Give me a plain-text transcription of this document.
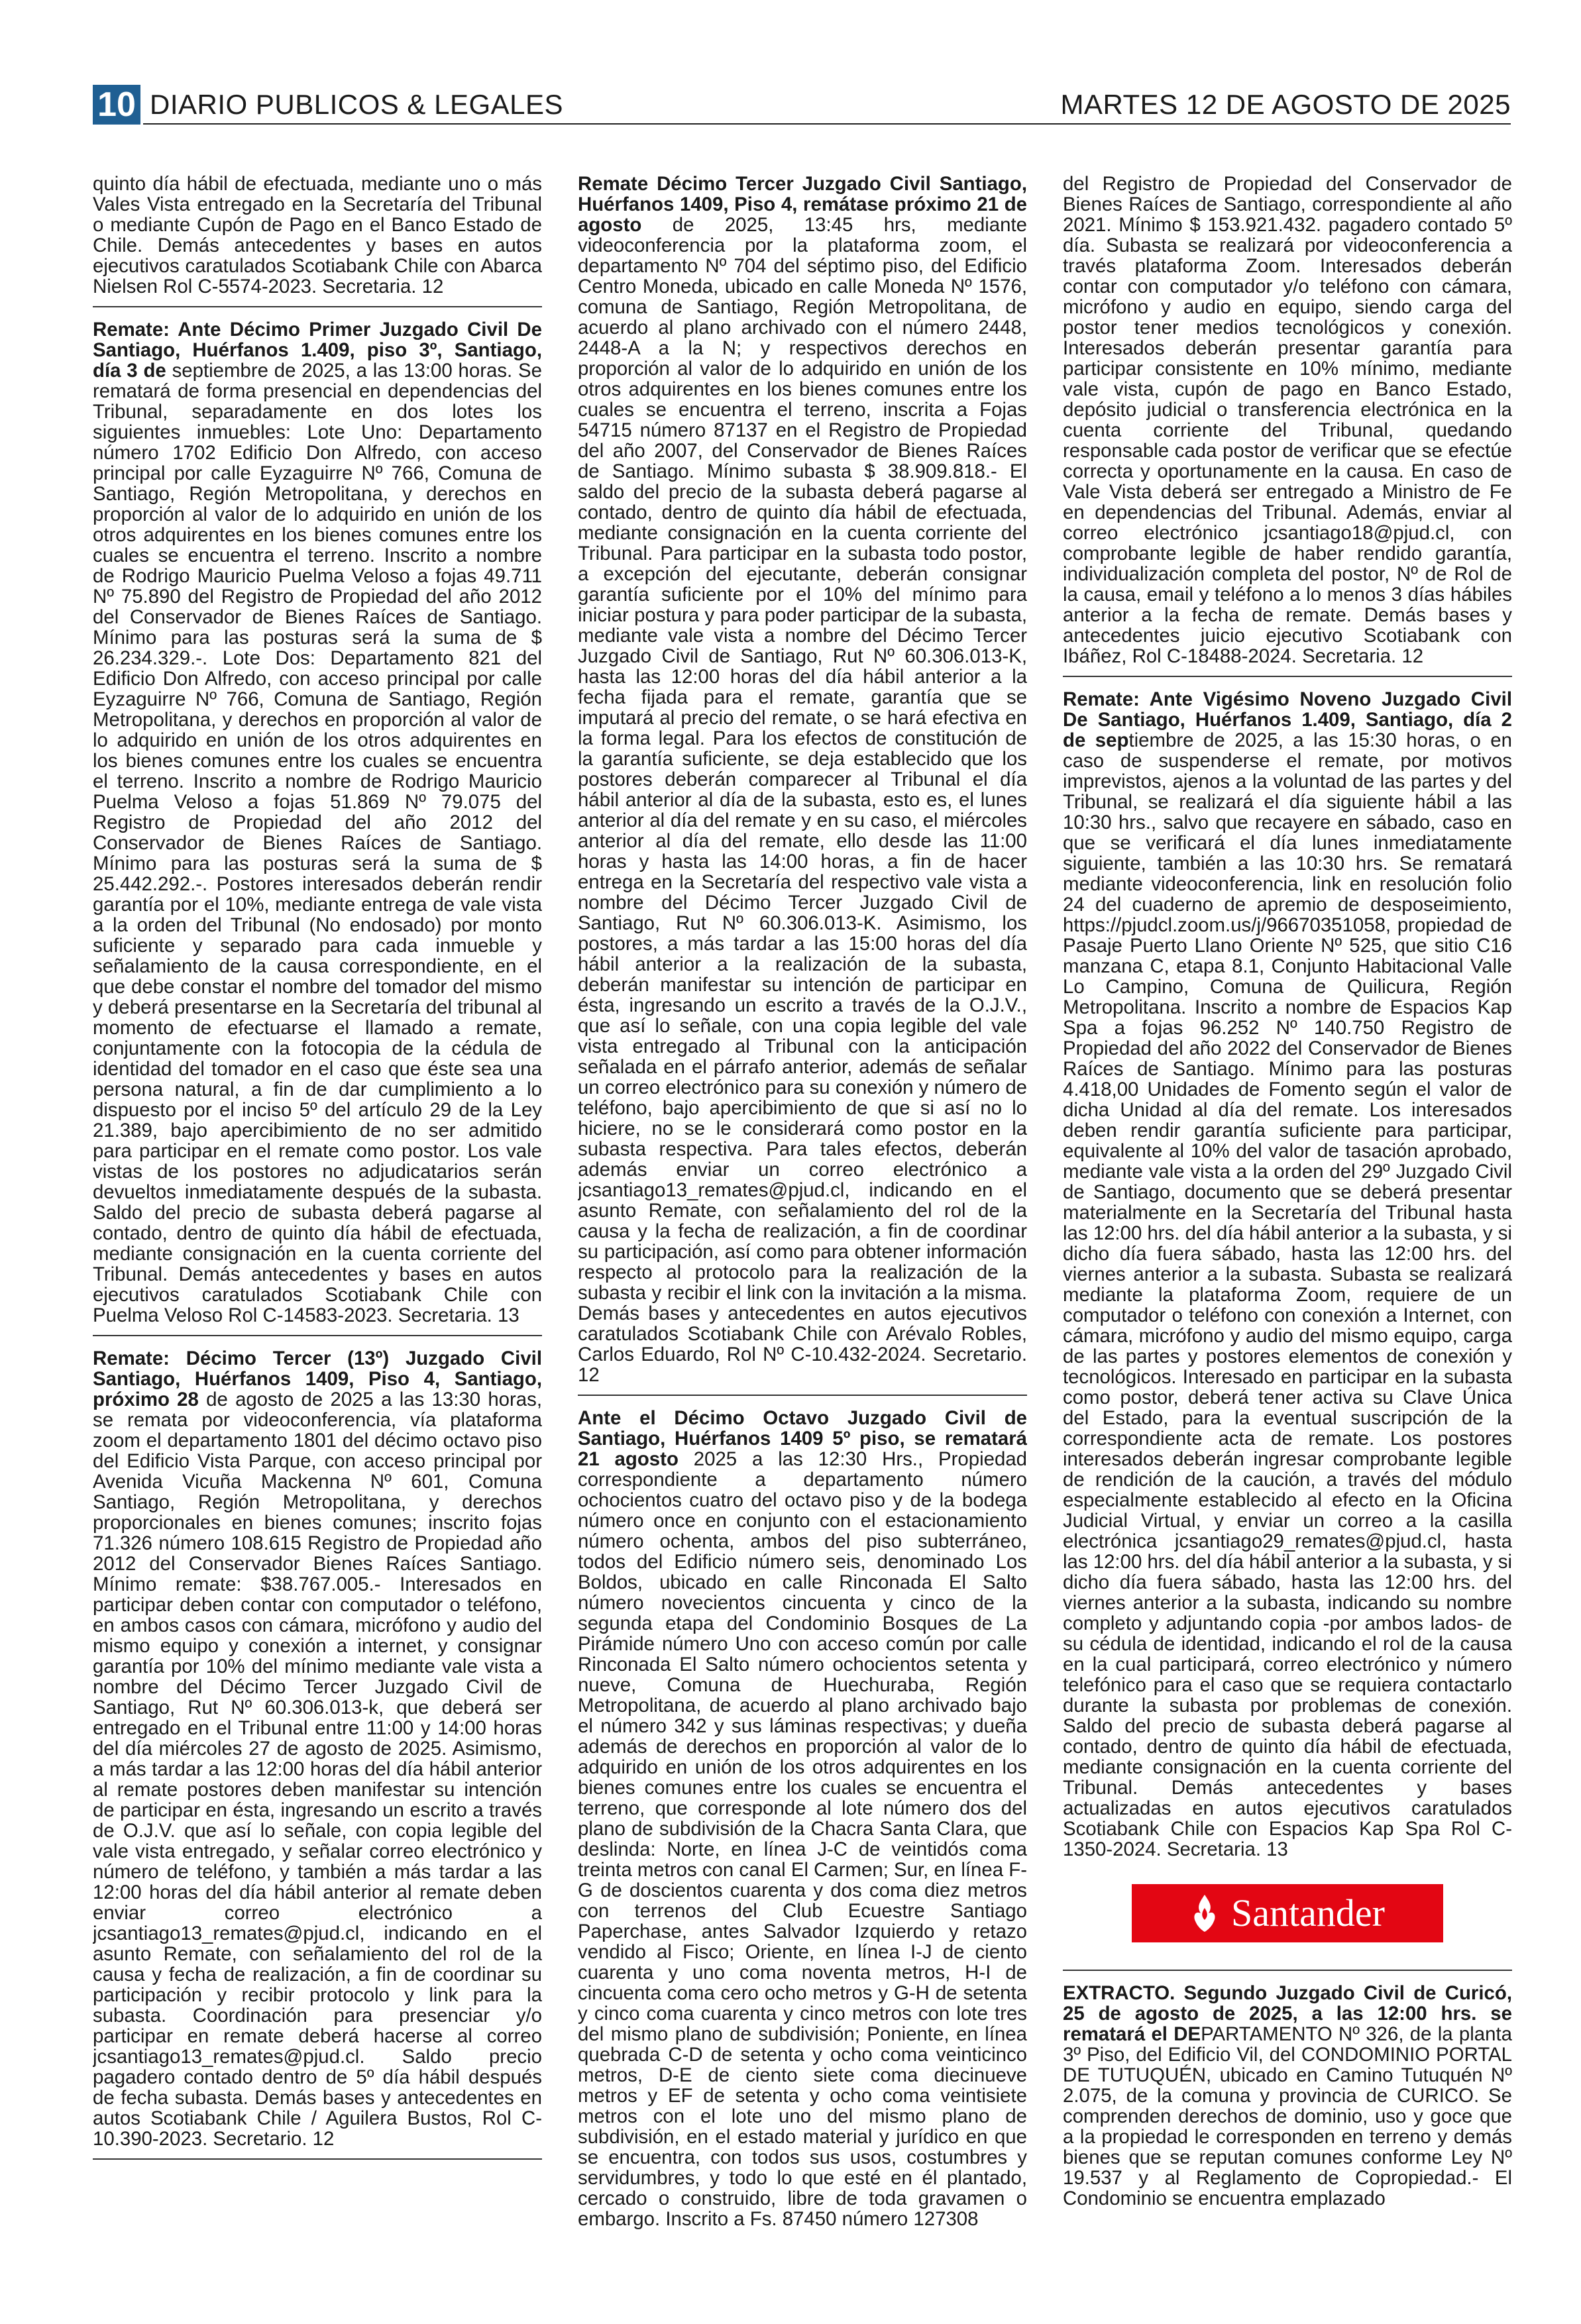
10 DIARIO PUBLICOS & LEGALES	MARTES 12 DE AGOSTO DE 2025

quinto día hábil de efectuada, mediante uno o más Vales Vista entregado en la Secretaría del Tribunal o mediante Cupón de Pago en el Banco Estado de Chile. Demás antecedentes y bases en autos ejecutivos caratulados Scotiabank Chile con Abarca Nielsen Rol C-5574-2023. Secretaria. 12

Remate: Ante Décimo Primer Juzgado Civil De Santiago, Huérfanos 1.409, piso 3º, Santiago, día 3 de septiembre de 2025, a las 13:00 horas. Se rematará de forma presencial en dependencias del Tribunal, separadamente en dos lotes los siguientes inmuebles: Lote Uno: Departamento número 1702 Edificio Don Alfredo, con acceso principal por calle Eyzaguirre Nº 766, Comuna de Santiago, Región Metropolitana, y derechos en proporción al valor de lo adquirido en unión de los otros adquirentes en los bienes comunes entre los cuales se encuentra el terreno. Inscrito a nombre de Rodrigo Mauricio Puelma Veloso a fojas 49.711 Nº 75.890 del Registro de Propiedad del año 2012 del Conservador de Bienes Raíces de Santiago. Mínimo para las posturas será la suma de $ 26.234.329.-. Lote Dos: Departamento 821 del Edificio Don Alfredo, con acceso principal por calle Eyzaguirre Nº 766, Comuna de Santiago, Región Metropolitana, y derechos en proporción al valor de lo adquirido en unión de los otros adquirentes en los bienes comunes entre los cuales se encuentra el terreno. Inscrito a nombre de Rodrigo Mauricio Puelma Veloso a fojas 51.869 Nº 79.075 del Registro de Propiedad del año 2012 del Conservador de Bienes Raíces de Santiago. Mínimo para las posturas será la suma de $ 25.442.292.-. Postores interesados deberán rendir garantía por el 10%, mediante entrega de vale vista a la orden del Tribunal (No endosado) por monto suficiente y separado para cada inmueble y señalamiento de la causa correspondiente, en el que debe constar el nombre del tomador del mismo y deberá presentarse en la Secretaría del tribunal al momento de efectuarse el llamado a remate, conjuntamente con la fotocopia de la cédula de identidad del tomador en el caso que éste sea una persona natural, a fin de dar cumplimiento a lo dispuesto por el inciso 5º del artículo 29 de la Ley 21.389, bajo apercibimiento de no ser admitido para participar en el remate como postor. Los vale vistas de los postores no adjudicatarios serán devueltos inmediatamente después de la subasta. Saldo del precio de subasta deberá pagarse al contado, dentro de quinto día hábil de efectuada, mediante consignación en la cuenta corriente del Tribunal. Demás antecedentes y bases en autos ejecutivos caratulados Scotiabank Chile con Puelma Veloso Rol C-14583-2023. Secretaria. 13

Remate: Décimo Tercer (13º) Juzgado Civil Santiago, Huérfanos 1409, Piso 4, Santiago, próximo 28 de agosto de 2025 a las 13:30 horas, se remata por videoconferencia, vía plataforma zoom el departamento 1801 del décimo octavo piso del Edificio Vista Parque, con acceso principal por Avenida Vicuña Mackenna Nº 601, Comuna Santiago, Región Metropolitana, y derechos proporcionales en bienes comunes; inscrito fojas 71.326 número 108.615 Registro de Propiedad año 2012 del Conservador Bienes Raíces Santiago. Mínimo remate: $38.767.005.- Interesados en participar deben contar con computador o teléfono, en ambos casos con cámara, micrófono y audio del mismo equipo y conexión a internet, y consignar garantía por 10% del mínimo mediante vale vista a nombre del Décimo Tercer Juzgado Civil de Santiago, Rut Nº 60.306.013-k, que deberá ser entregado en el Tribunal entre 11:00 y 14:00 horas del día miércoles 27 de agosto de 2025. Asimismo, a más tardar a las 12:00 horas del día hábil anterior al remate postores deben manifestar su intención de participar en ésta, ingresando un escrito a través de O.J.V. que así lo señale, con copia legible del vale vista entregado, y señalar correo electrónico y número de teléfono, y también a más tardar a las 12:00 horas del día hábil anterior al remate deben enviar correo electrónico a jcsantiago13_remates@pjud.cl, indicando en el asunto Remate, con señalamiento del rol de la causa y fecha de realización, a fin de coordinar su participación y recibir protocolo y link para la subasta. Coordinación para presenciar y/o participar en remate deberá hacerse al correo jcsantiago13_remates@pjud.cl. Saldo precio pagadero contado dentro de 5º día hábil después de fecha subasta. Demás bases y antecedentes en autos Scotiabank Chile / Aguilera Bustos, Rol C-10.390-2023. Secretario. 12

Remate Décimo Tercer Juzgado Civil Santiago, Huérfanos 1409, Piso 4, remátase próximo 21 de agosto de 2025, 13:45 hrs, mediante videoconferencia por la plataforma zoom, el departamento Nº 704 del séptimo piso, del Edificio Centro Moneda, ubicado en calle Moneda Nº 1576, comuna de Santiago, Región Metropolitana, de acuerdo al plano archivado con el número 2448, 2448-A a la N; y respectivos derechos en proporción al valor de lo adquirido en unión de los otros adquirentes en los bienes comunes entre los cuales se encuentra el terreno, inscrita a Fojas 54715 número 87137 en el Registro de Propiedad del año 2007, del Conservador de Bienes Raíces de Santiago. Mínimo subasta $ 38.909.818.- El saldo del precio de la subasta deberá pagarse al contado, dentro de quinto día hábil de efectuada, mediante consignación en la cuenta corriente del Tribunal. Para participar en la subasta todo postor, a excepción del ejecutante, deberán consignar garantía suficiente por el 10% del mínimo para iniciar postura y para poder participar de la subasta, mediante vale vista a nombre del Décimo Tercer Juzgado Civil de Santiago, Rut Nº 60.306.013-K, hasta las 12:00 horas del día hábil anterior a la fecha fijada para el remate, garantía que se imputará al precio del remate, o se hará efectiva en la forma legal. Para los efectos de constitución de la garantía suficiente, se deja establecido que los postores deberán comparecer al Tribunal el día hábil anterior al día de la subasta, esto es, el lunes anterior al día del remate y en su caso, el miércoles anterior al día del remate, ello desde las 11:00 horas y hasta las 14:00 horas, a fin de hacer entrega en la Secretaría del respectivo vale vista a nombre del Décimo Tercer Juzgado Civil de Santiago, Rut Nº 60.306.013-K. Asimismo, los postores, a más tardar a las 15:00 horas del día hábil anterior a la realización de la subasta, deberán manifestar su intención de participar en ésta, ingresando un escrito a través de la O.J.V., que así lo señale, con una copia legible del vale vista entregado al Tribunal con la anticipación señalada en el párrafo anterior, además de señalar un correo electrónico para su conexión y número de teléfono, bajo apercibimiento de que si así no lo hiciere, no se le considerará como postor en la subasta respectiva. Para tales efectos, deberán además enviar un correo electrónico a jcsantiago13_remates@pjud.cl, indicando en el asunto Remate, con señalamiento del rol de la causa y la fecha de realización, a fin de coordinar su participación, así como para obtener información respecto al protocolo para la realización de la subasta y recibir el link con la invitación a la misma. Demás bases y antecedentes en autos ejecutivos caratulados Scotiabank Chile con Arévalo Robles, Carlos Eduardo, Rol Nº C-10.432-2024. Secretario. 12

Ante el Décimo Octavo Juzgado Civil de Santiago, Huérfanos 1409 5º piso, se rematará 21 agosto 2025 a las 12:30 Hrs., Propiedad correspondiente a departamento número ochocientos cuatro del octavo piso y de la bodega número once en conjunto con el estacionamiento número ochenta, ambos del piso subterráneo, todos del Edificio número seis, denominado Los Boldos, ubicado en calle Rinconada El Salto número novecientos cincuenta y cinco de la segunda etapa del Condominio Bosques de La Pirámide número Uno con acceso común por calle Rinconada El Salto número ochocientos setenta y nueve, Comuna de Huechuraba, Región Metropolitana, de acuerdo al plano archivado bajo el número 342 y sus láminas respectivas; y dueña además de derechos en proporción al valor de lo adquirido en unión de los otros adquirentes en los bienes comunes entre los cuales se encuentra el terreno, que corresponde al lote número dos del plano de subdivisión de la Chacra Santa Clara, que deslinda: Norte, en línea J-C de veintidós coma treinta metros con canal El Carmen; Sur, en línea F-G de doscientos cuarenta y dos coma diez metros con terrenos del Club Ecuestre Santiago Paperchase, antes Salvador Izquierdo y retazo vendido al Fisco; Oriente, en línea I-J de ciento cuarenta y uno coma noventa metros, H-I de cincuenta coma cero ocho metros y G-H de setenta y cinco coma cuarenta y cinco metros con lote tres del mismo plano de subdivisión; Poniente, en línea quebrada C-D de setenta y ocho coma veinticinco metros, D-E de ciento siete coma diecinueve metros y EF de setenta y ocho coma veintisiete metros con el lote uno del mismo plano de subdivisión, en el estado material y jurídico en que se encuentra, con todos sus usos, costumbres y servidumbres, y todo lo que esté en él plantado, cercado o construido, libre de toda gravamen o embargo. Inscrito a Fs. 87450 número 127308

del Registro de Propiedad del Conservador de Bienes Raíces de Santiago, correspondiente al año 2021. Mínimo $ 153.921.432. pagadero contado 5º día. Subasta se realizará por videoconferencia a través plataforma Zoom. Interesados deberán contar con computador y/o teléfono con cámara, micrófono y audio en equipo, siendo carga del postor tener medios tecnológicos y conexión. Interesados deberán presentar garantía para participar consistente en 10% mínimo, mediante vale vista, cupón de pago en Banco Estado, depósito judicial o transferencia electrónica en la cuenta corriente del Tribunal, quedando responsable cada postor de verificar que se efectúe correcta y oportunamente en la causa. En caso de Vale Vista deberá ser entregado a Ministro de Fe en dependencias del Tribunal. Además, enviar al correo electrónico jcsantiago18@pjud.cl, con comprobante legible de haber rendido garantía, individualización completa del postor, Nº de Rol de la causa, email y teléfono a lo menos 3 días hábiles anterior a la fecha de remate. Demás bases y antecedentes juicio ejecutivo Scotiabank con Ibáñez, Rol C-18488-2024. Secretaria. 12

Remate: Ante Vigésimo Noveno Juzgado Civil De Santiago, Huérfanos 1.409, Santiago, día 2 de septiembre de 2025, a las 15:30 horas, o en caso de suspenderse el remate, por motivos imprevistos, ajenos a la voluntad de las partes y del Tribunal, se realizará el día siguiente hábil a las 10:30 hrs., salvo que recayere en sábado, caso en que se verificará el día lunes inmediatamente siguiente, también a las 10:30 hrs. Se rematará mediante videoconferencia, link en resolución folio 24 del cuaderno de apremio de desposeimiento, https://pjudcl.zoom.us/j/96670351058, propiedad de Pasaje Puerto Llano Oriente Nº 525, que sitio C16 manzana C, etapa 8.1, Conjunto Habitacional Valle Lo Campino, Comuna de Quilicura, Región Metropolitana. Inscrito a nombre de Espacios Kap Spa a fojas 96.252 Nº 140.750 Registro de Propiedad del año 2022 del Conservador de Bienes Raíces de Santiago. Mínimo para las posturas 4.418,00 Unidades de Fomento según el valor de dicha Unidad al día del remate. Los interesados deben rendir garantía suficiente para participar, equivalente al 10% del valor de tasación aprobado, mediante vale vista a la orden del 29º Juzgado Civil de Santiago, documento que se deberá presentar materialmente en la Secretaría del Tribunal hasta las 12:00 hrs. del día hábil anterior a la subasta, y si dicho día fuera sábado, hasta las 12:00 hrs. del viernes anterior a la subasta. Subasta se realizará mediante la plataforma Zoom, requiere de un computador o teléfono con conexión a Internet, con cámara, micrófono y audio del mismo equipo, carga de las partes y postores elementos de conexión y tecnológicos. Interesado en participar en la subasta como postor, deberá tener activa su Clave Única del Estado, para la eventual suscripción de la correspondiente acta de remate. Los postores interesados deberán ingresar comprobante legible de rendición de la caución, a través del módulo especialmente establecido al efecto en la Oficina Judicial Virtual, y enviar un correo a la casilla electrónica jcsantiago29_remates@pjud.cl, hasta las 12:00 hrs. del día hábil anterior a la subasta, y si dicho día fuera sábado, hasta las 12:00 hrs. del viernes anterior a la subasta, indicando su nombre completo y adjuntando copia -por ambos lados- de su cédula de identidad, indicando el rol de la causa en la cual participará, correo electrónico y número telefónico para el caso que se requiera contactarlo durante la subasta por problemas de conexión. Saldo del precio de subasta deberá pagarse al contado, dentro de quinto día hábil de efectuada, mediante consignación en la cuenta corriente del Tribunal. Demás antecedentes y bases actualizadas en autos ejecutivos caratulados Scotiabank Chile con Espacios Kap Spa Rol C-1350-2024. Secretaria. 13

Santander

EXTRACTO. Segundo Juzgado Civil de Curicó, 25 de agosto de 2025, a las 12:00 hrs. se rematará el DEPARTAMENTO Nº 326, de la planta 3º Piso, del Edificio Vil, del CONDOMINIO PORTAL DE TUTUQUÉN, ubicado en Camino Tutuquén Nº 2.075, de la comuna y provincia de CURICO. Se comprenden derechos de dominio, uso y goce que a la propiedad le corresponden en terreno y demás bienes que se reputan comunes conforme Ley Nº 19.537 y al Reglamento de Copropiedad.- El Condominio se encuentra emplazado
